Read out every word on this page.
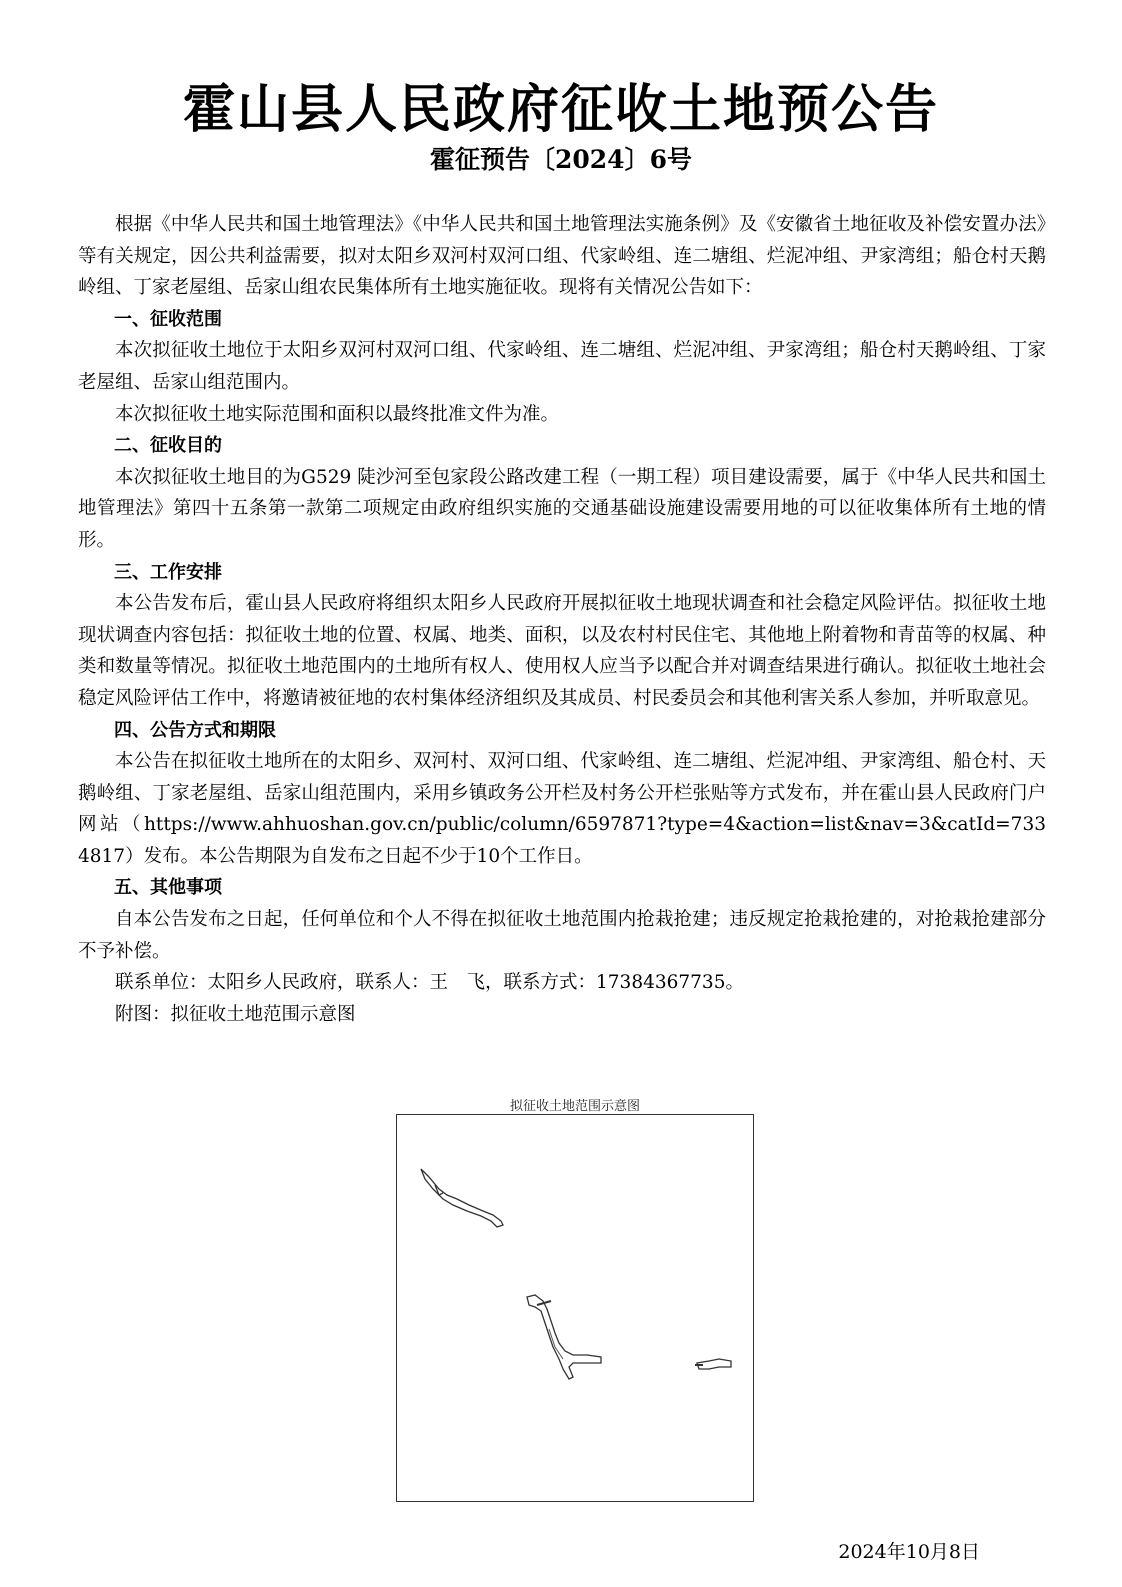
霍山县人民政府征收土地预公告
霍征预告〔2024〕6号

根据《中华人民共和国土地管理法》《中华人民共和国土地管理法实施条例》及《安徽省土地征收及补偿安置办法》等有关规定，因公共利益需要，拟对太阳乡双河村双河口组、代家岭组、连二塘组、烂泥冲组、尹家湾组；船仓村天鹅岭组、丁家老屋组、岳家山组农民集体所有土地实施征收。现将有关情况公告如下：

一、征收范围

本次拟征收土地位于太阳乡双河村双河口组、代家岭组、连二塘组、烂泥冲组、尹家湾组；船仓村天鹅岭组、丁家老屋组、岳家山组范围内。

本次拟征收土地实际范围和面积以最终批准文件为准。

二、征收目的

本次拟征收土地目的为G529 陡沙河至包家段公路改建工程（一期工程）项目建设需要，属于《中华人民共和国土地管理法》第四十五条第一款第二项规定由政府组织实施的交通基础设施建设需要用地的可以征收集体所有土地的情形。

三、工作安排

本公告发布后，霍山县人民政府将组织太阳乡人民政府开展拟征收土地现状调查和社会稳定风险评估。拟征收土地现状调查内容包括：拟征收土地的位置、权属、地类、面积，以及农村村民住宅、其他地上附着物和青苗等的权属、种类和数量等情况。拟征收土地范围内的土地所有权人、使用权人应当予以配合并对调查结果进行确认。拟征收土地社会稳定风险评估工作中，将邀请被征地的农村集体经济组织及其成员、村民委员会和其他利害关系人参加，并听取意见。

四、公告方式和期限

本公告在拟征收土地所在的太阳乡、双河村、双河口组、代家岭组、连二塘组、烂泥冲组、尹家湾组、船仓村、天鹅岭组、丁家老屋组、岳家山组范围内，采用乡镇政务公开栏及村务公开栏张贴等方式发布，并在霍山县人民政府门户网站（https://www.ahhuoshan.gov.cn/public/column/6597871?type=4&action=list&nav=3&catId=7334817）发布。本公告期限为自发布之日起不少于10个工作日。

五、其他事项

自本公告发布之日起，任何单位和个人不得在拟征收土地范围内抢栽抢建；违反规定抢栽抢建的，对抢栽抢建部分不予补偿。

联系单位：太阳乡人民政府，联系人：王　飞，联系方式：17384367735。

附图：拟征收土地范围示意图

拟征收土地范围示意图
2024年10月8日
